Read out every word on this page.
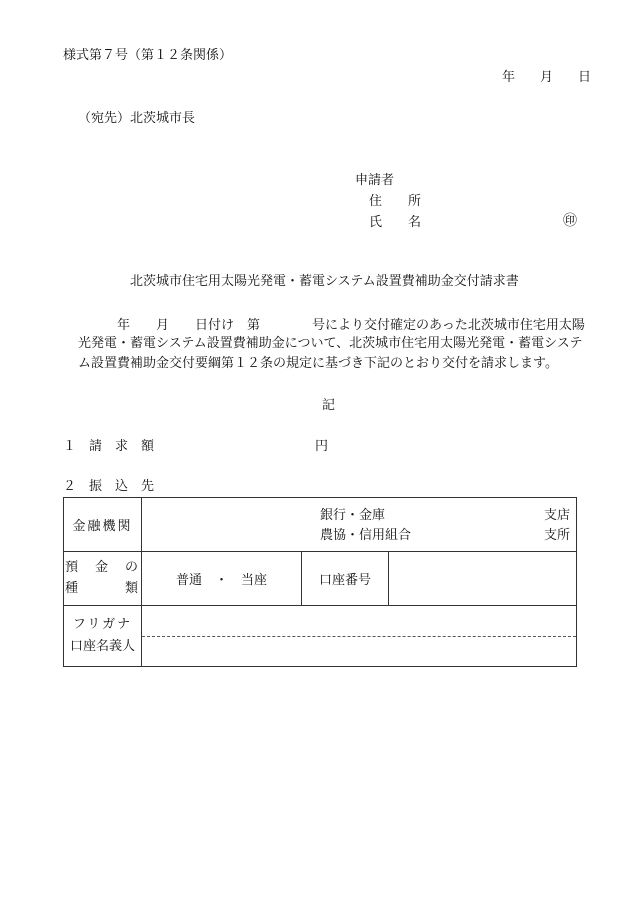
様式第７号（第１２条関係）
年 月 日
（宛先）北茨城市長
申請者
住　　所
氏　　名	㊞
北茨城市住宅用太陽光発電・蓄電システム設置費補助金交付請求書
年　　月　　日付け　第　　　　号により交付確定のあった北茨城市住宅用太陽
光発電・蓄電システム設置費補助金について、北茨城市住宅用太陽光発電・蓄電システ
ム設置費補助金交付要綱第１２条の規定に基づき下記のとおり交付を請求します。
記
１　請　求　額	円
２　振　込　先
金融機関	銀行・金庫 支店
農協・信用組合 支所		

預　金　の
種　　　類	普通　・　当座	口座番号	

フリガナ
口座名義人			
